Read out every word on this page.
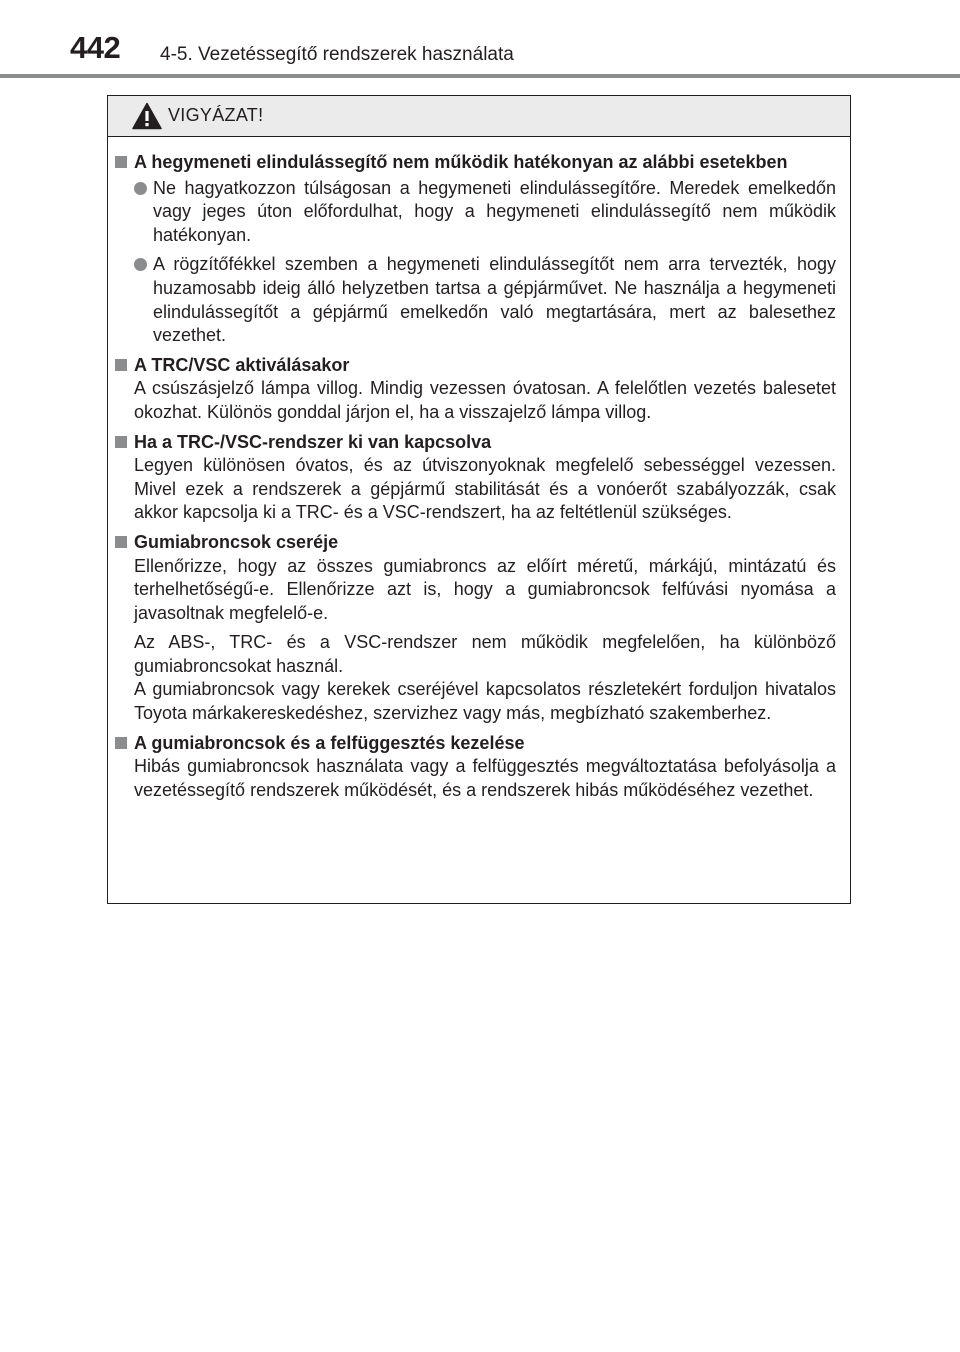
442 4-5. Vezetéssegítő rendszerek használata
VIGYÁZAT!
A hegymeneti elindulássegítő nem működik hatékonyan az alábbi esetekben
Ne hagyatkozzon túlságosan a hegymeneti elindulássegítőre. Meredek emelkedőn vagy jeges úton előfordulhat, hogy a hegymeneti elindulássegítő nem működik hatékonyan.
A rögzítőfékkel szemben a hegymeneti elindulássegítőt nem arra tervezték, hogy huzamosabb ideig álló helyzetben tartsa a gépjárművet. Ne használja a hegymeneti elindulássegítőt a gépjármű emelkedőn való megtartására, mert az balesethez vezethet.
A TRC/VSC aktiválásakor

A csúszásjelző lámpa villog. Mindig vezessen óvatosan. A felelőtlen vezetés balesetet okozhat. Különös gonddal járjon el, ha a visszajelző lámpa villog.

Ha a TRC-/VSC-rendszer ki van kapcsolva

Legyen különösen óvatos, és az útviszonyoknak megfelelő sebességgel vezessen. Mivel ezek a rendszerek a gépjármű stabilitását és a vonóerőt szabályozzák, csak akkor kapcsolja ki a TRC- és a VSC-rendszert, ha az feltétlenül szükséges.

Gumiabroncsok cseréje

Ellenőrizze, hogy az összes gumiabroncs az előírt méretű, márkájú, mintázatú és terhelhetőségű-e. Ellenőrizze azt is, hogy a gumiabroncsok felfúvási nyomása a javasoltnak megfelelő-e.

Az ABS-, TRC- és a VSC-rendszer nem működik megfelelően, ha különböző gumiabroncsokat használ.

A gumiabroncsok vagy kerekek cseréjével kapcsolatos részletekért forduljon hivatalos Toyota márkakereskedéshez, szervizhez vagy más, megbízható szakemberhez.

A gumiabroncsok és a felfüggesztés kezelése

Hibás gumiabroncsok használata vagy a felfüggesztés megváltoztatása befolyásolja a vezetéssegítő rendszerek működését, és a rendszerek hibás működéséhez vezethet.
